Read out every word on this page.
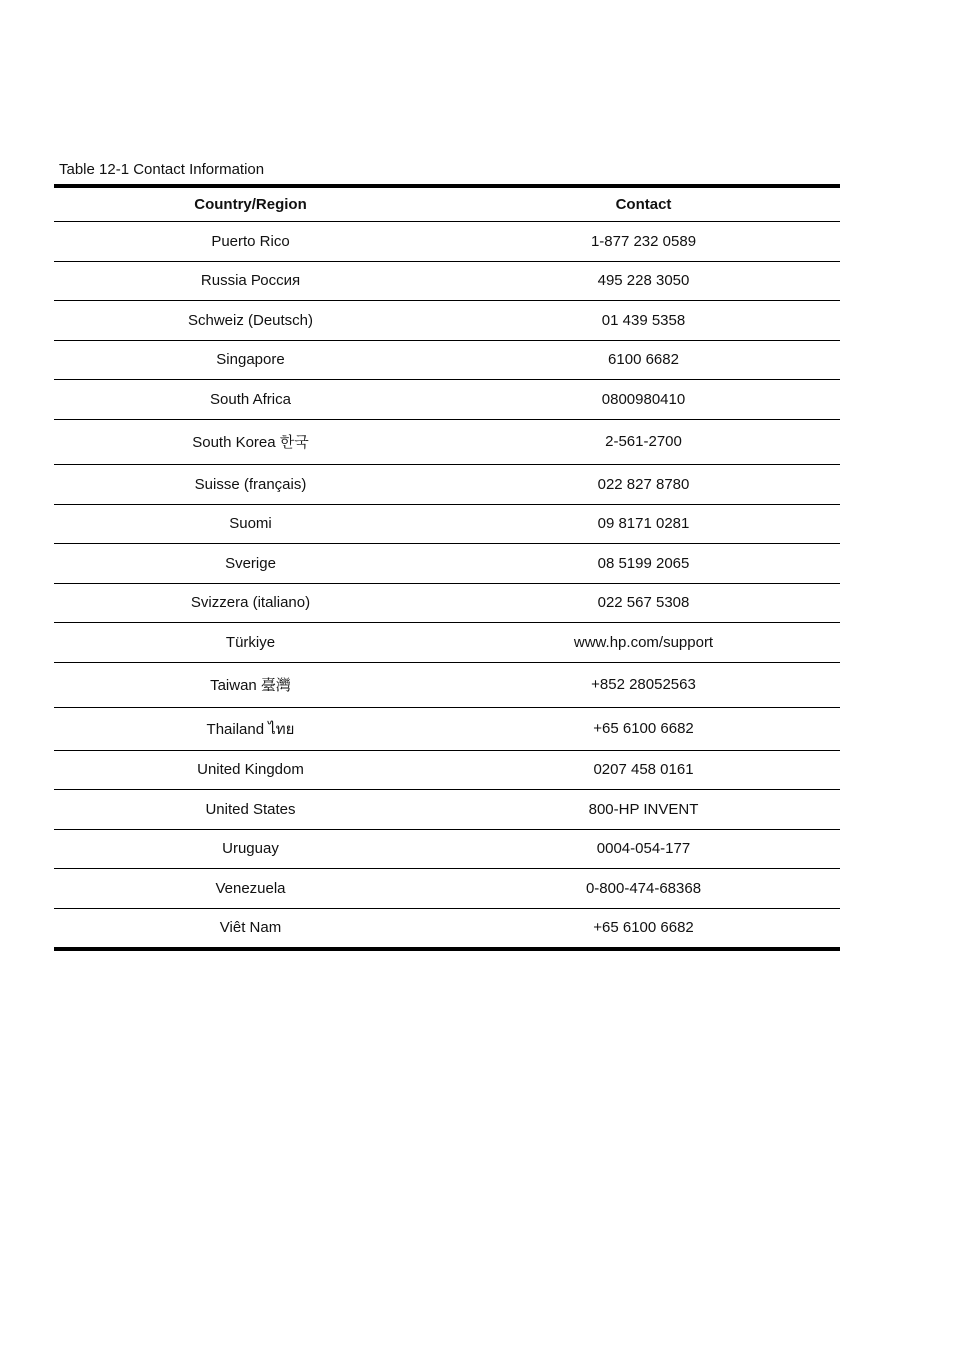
Table 12-1 Contact Information
Country/Region	Contact
Puerto Rico	1-877 232 0589
Russia Россия	495 228 3050
Schweiz (Deutsch)	01 439 5358
Singapore	6100 6682
South Africa	0800980410
South Korea 한국	2-561-2700
Suisse (français)	022 827 8780
Suomi	09 8171 0281
Sverige	08 5199 2065
Svizzera (italiano)	022 567 5308
Türkiye	www.hp.com/support
Taiwan 臺灣	+852 28052563
Thailand ไทย	+65 6100 6682
United Kingdom	0207 458 0161
United States	800-HP INVENT
Uruguay	0004-054-177
Venezuela	0-800-474-68368
Viêt Nam	+65 6100 6682
